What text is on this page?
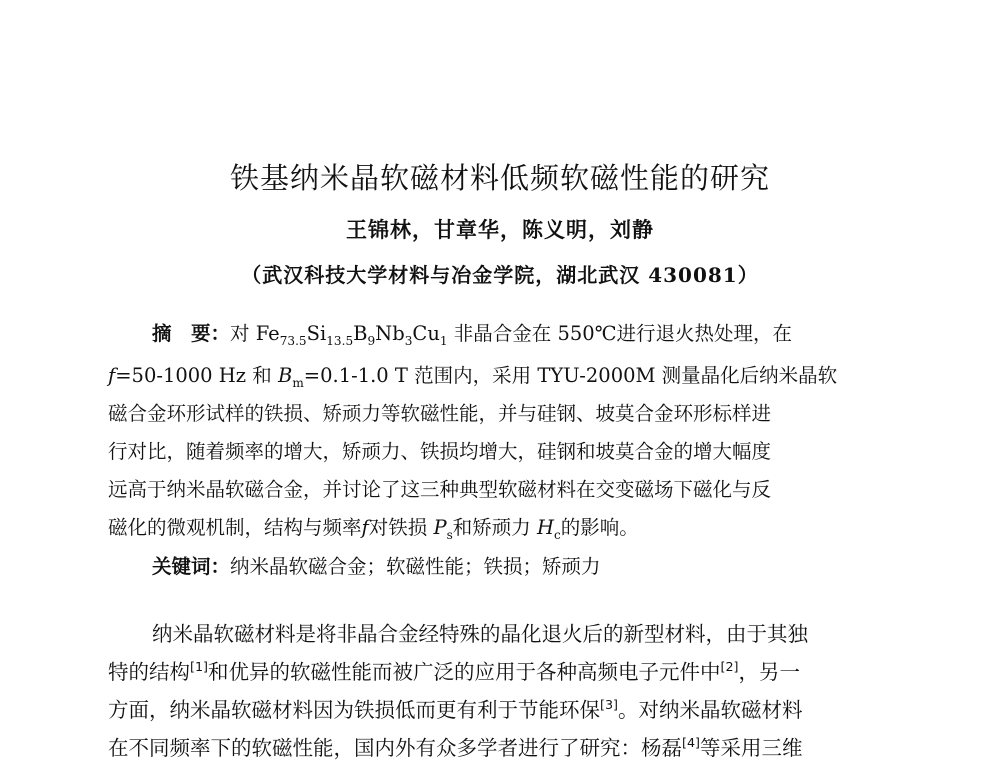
铁基纳米晶软磁材料低频软磁性能的研究
王锦林，甘章华，陈义明，刘静
（武汉科技大学材料与冶金学院，湖北武汉 430081）
摘　要：对 $Fe_{73.5}Si_{13.5}B_9Nb_3Cu_1$ 非晶合金在 550℃进行退火热处理，在
f=50-1000 Hz 和 $B_m=0.1-1.0$ T 范围内，采用 TYU-2000M 测量晶化后纳米晶软
磁合金环形试样的铁损、矫顽力等软磁性能，并与硅钢、坡莫合金环形标样进
行对比，随着频率的增大，矫顽力、铁损均增大，硅钢和坡莫合金的增大幅度
远高于纳米晶软磁合金，并讨论了这三种典型软磁材料在交变磁场下磁化与反
磁化的微观机制，结构与频率f对铁损 $P_s$和矫顽力 $H_c$的影响。
关键词：纳米晶软磁合金；软磁性能；铁损；矫顽力
纳米晶软磁材料是将非晶合金经特殊的晶化退火后的新型材料，由于其独
特的结构[1]和优异的软磁性能而被广泛的应用于各种高频电子元件中[2]，另一
方面，纳米晶软磁材料因为铁损低而更有利于节能环保[3]。对纳米晶软磁材料
在不同频率下的软磁性能，国内外有众多学者进行了研究：杨磊[4]等采用三维
